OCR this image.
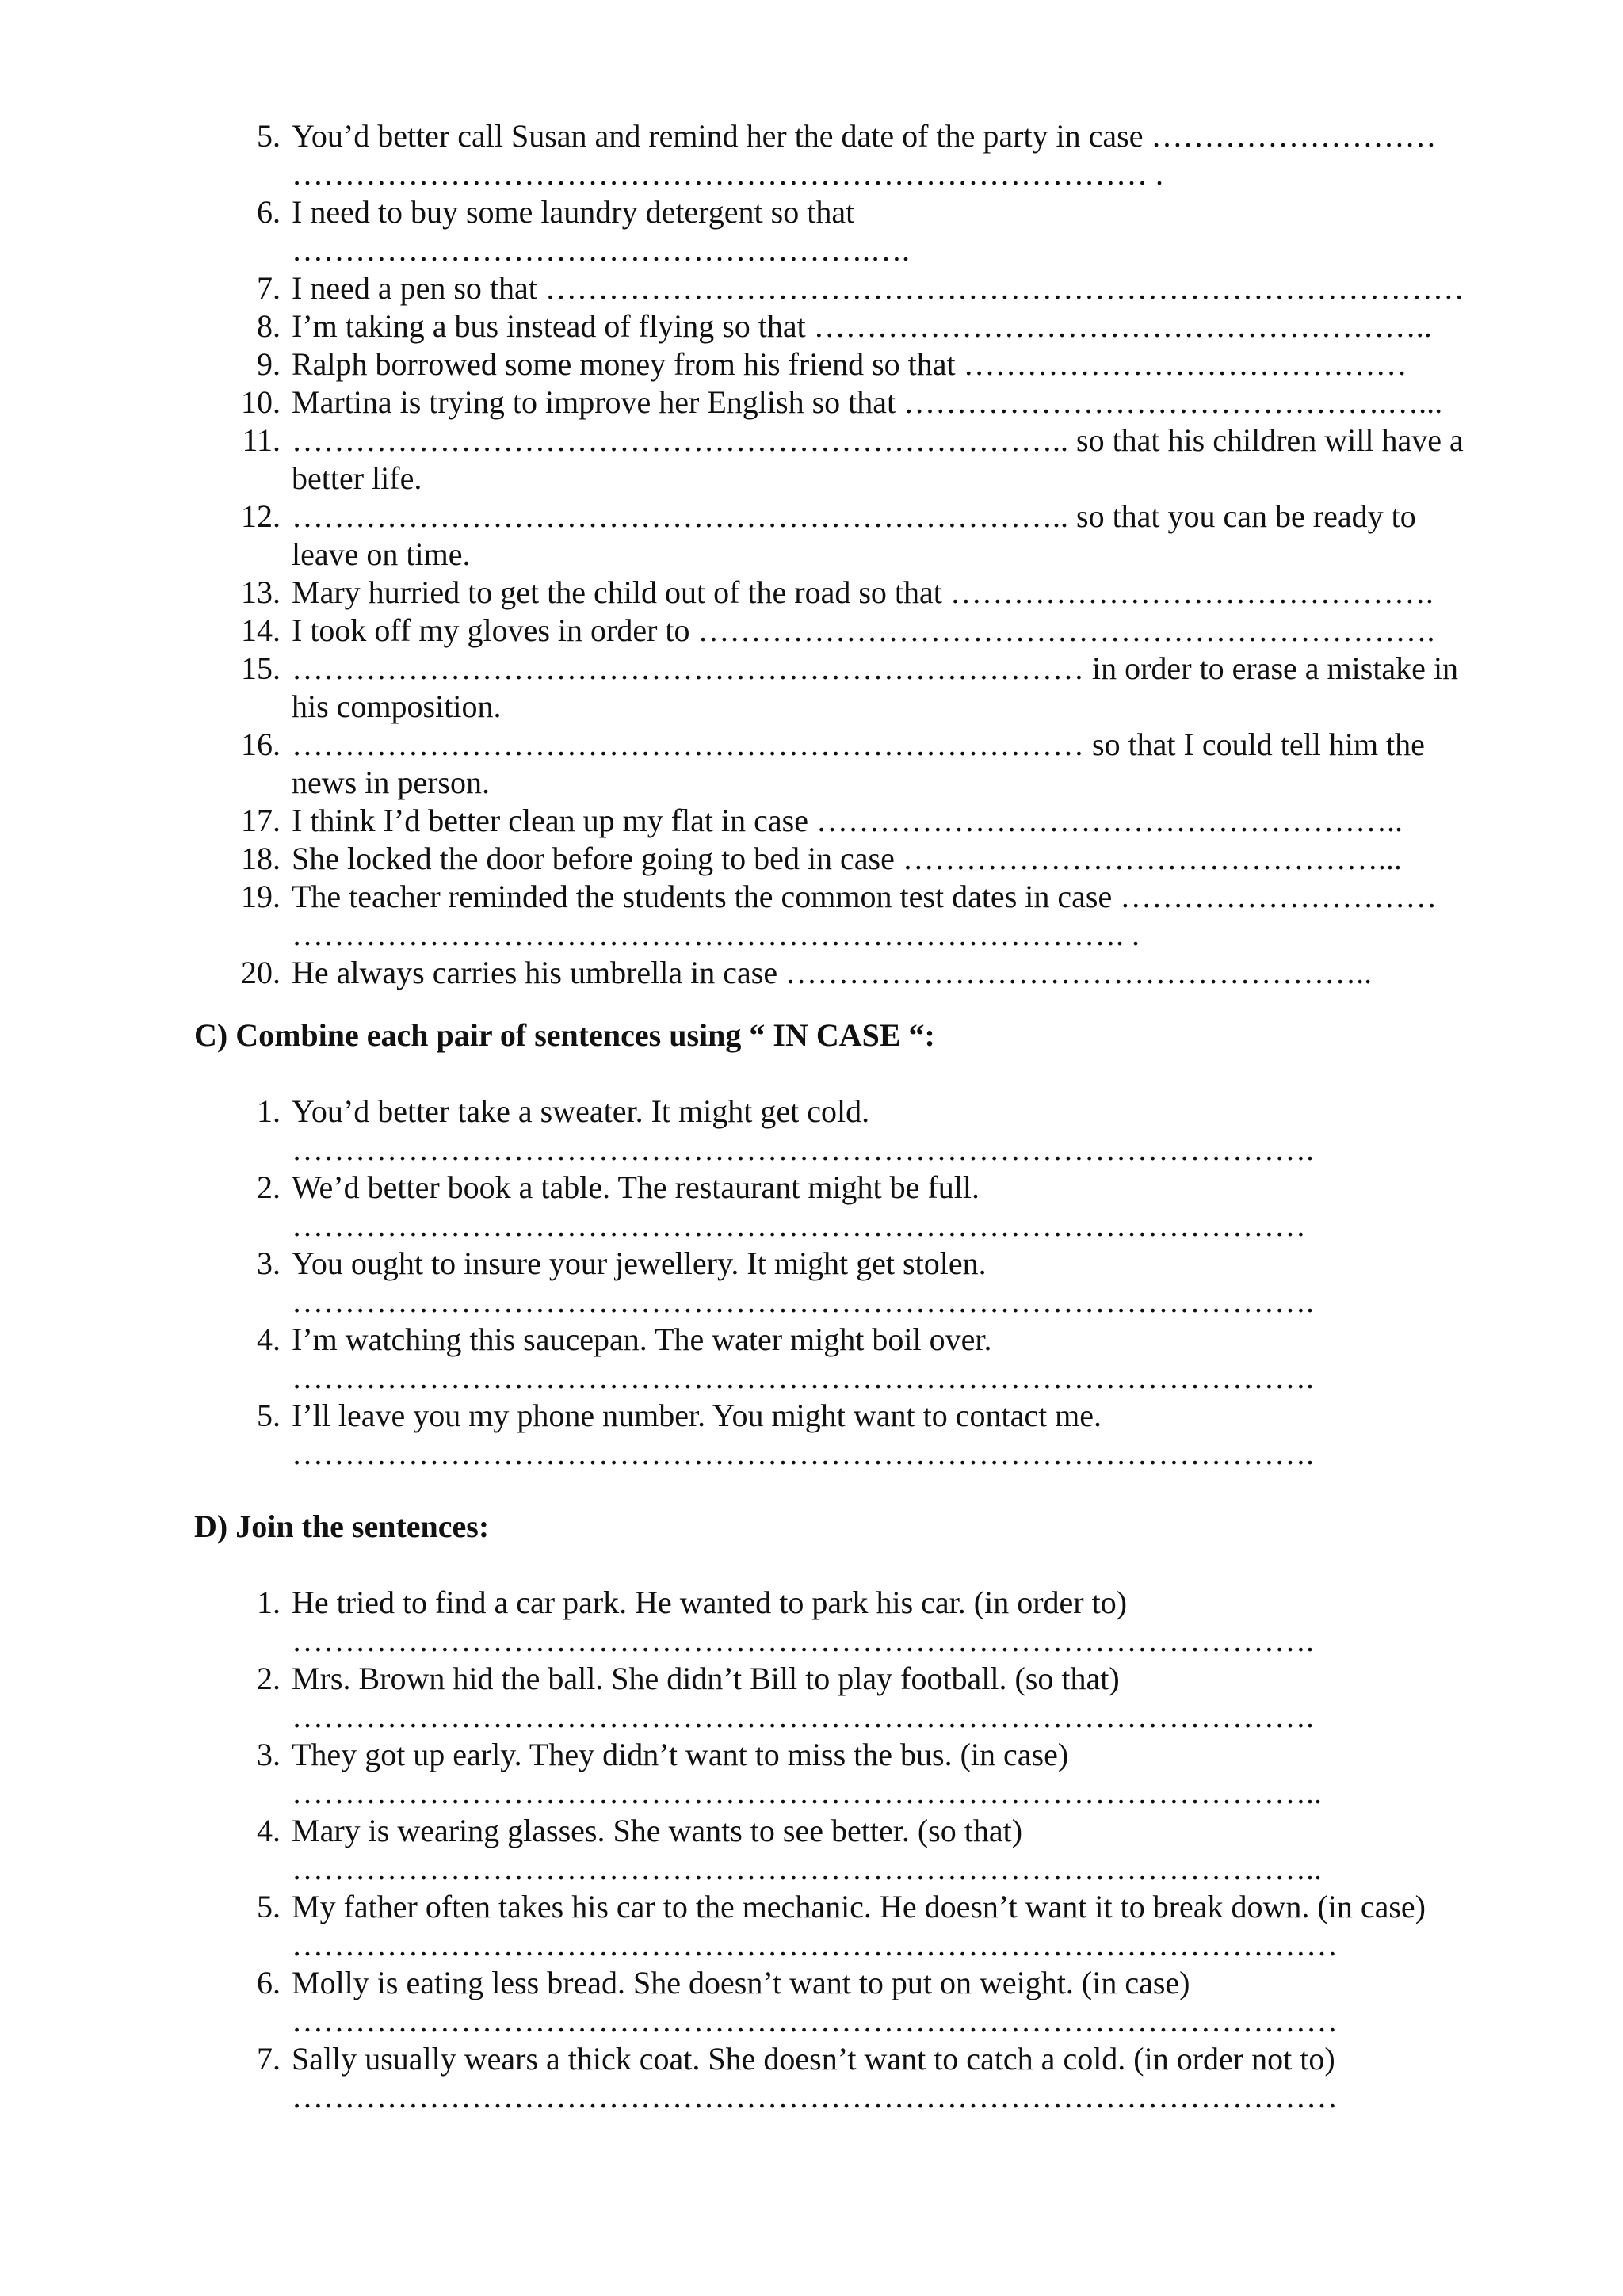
5. You’d better call Susan and remind her the date of the party in case ………………………
……………………………………………………………………… .
6. I need to buy some laundry detergent so that
……………………………………………….….
7. I need a pen so that ……………………………………………………………………………
8. I’m taking a bus instead of flying so that …………………………………………………..
9. Ralph borrowed some money from his friend so that ……………………………………
10. Martina is trying to improve her English so that ……………………………………….…...
11. ……………………………………………………………….. so that his children will have a better life.
12. ……………………………………………………………….. so that you can be ready to leave on time.
13. Mary hurried to get the child out of the road so that ……………………………………….
14. I took off my gloves in order to …………………………………………………………….
15. ………………………………………………………………… in order to erase a mistake in his composition.
16. ………………………………………………………………… so that I could tell him the news in person.
17. I think I’d better clean up my flat in case ………………………………………………..
18. She locked the door before going to bed in case ………………………………………...
19. The teacher reminded the students the common test dates in case …………………………
……………………………………………………………………. .
20. He always carries his umbrella in case ………………………………………………..
C) Combine each pair of sentences using “ IN CASE “:
1. You’d better take a sweater. It might get cold.
…………………………………………………………………………………….
2. We’d better book a table. The restaurant might be full.
……………………………………………………………………………………
3. You ought to insure your jewellery. It might get stolen.
…………………………………………………………………………………….
4. I’m watching this saucepan. The water might boil over.
…………………………………………………………………………………….
5. I’ll leave you my phone number. You might want to contact me.
…………………………………………………………………………………….
D) Join the sentences:
1. He tried to find a car park. He wanted to park his car. (in order to)
…………………………………………………………………………………….
2. Mrs. Brown hid the ball. She didn’t Bill to play football. (so that)
…………………………………………………………………………………….
3. They got up early. They didn’t want to miss the bus. (in case)
……………………………………………………………………………………..
4. Mary is wearing glasses. She wants to see better. (so that)
……………………………………………………………………………………..
5. My father often takes his car to the mechanic. He doesn’t want it to break down. (in case)
………………………………………………………………………………………
6. Molly is eating less bread. She doesn’t want to put on weight. (in case)
………………………………………………………………………………………
7. Sally usually wears a thick coat. She doesn’t want to catch a cold. (in order not to)
………………………………………………………………………………………
